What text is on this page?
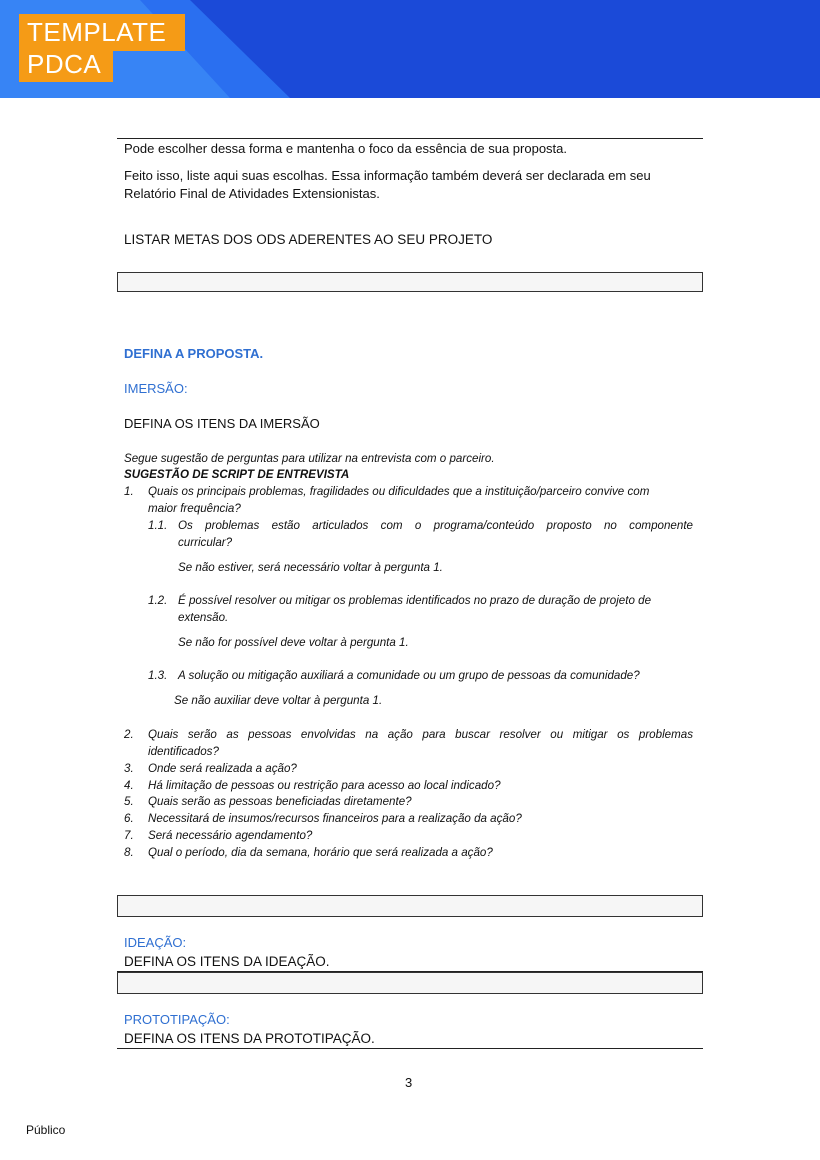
TEMPLATE
PDCA
Pode escolher dessa forma e mantenha o foco da essência de sua proposta.
Feito isso, liste aqui suas escolhas. Essa informação também deverá ser declarada em seu
Relatório Final de Atividades Extensionistas.
LISTAR METAS DOS ODS ADERENTES AO SEU PROJETO
DEFINA A PROPOSTA.
IMERSÃO:
DEFINA OS ITENS DA IMERSÃO
Segue sugestão de perguntas para utilizar na entrevista com o parceiro.
SUGESTÃO DE SCRIPT DE ENTREVISTA
1. Quais os principais problemas, fragilidades ou dificuldades que a instituição/parceiro convive com
maior frequência?
1.1. Os problemas estão articulados com o programa/conteúdo proposto no componente
curricular?
Se não estiver, será necessário voltar à pergunta 1.
1.2. É possível resolver ou mitigar os problemas identificados no prazo de duração de projeto de
extensão.
Se não for possível deve voltar à pergunta 1.
1.3. A solução ou mitigação auxiliará a comunidade ou um grupo de pessoas da comunidade?
Se não auxiliar deve voltar à pergunta 1.
2. Quais serão as pessoas envolvidas na ação para buscar resolver ou mitigar os problemas
identificados?
3. Onde será realizada a ação?
4. Há limitação de pessoas ou restrição para acesso ao local indicado?
5. Quais serão as pessoas beneficiadas diretamente?
6. Necessitará de insumos/recursos financeiros para a realização da ação?
7. Será necessário agendamento?
8. Qual o período, dia da semana, horário que será realizada a ação?
IDEAÇÃO:
DEFINA OS ITENS DA IDEAÇÃO.
PROTOTIPAÇÃO:
DEFINA OS ITENS DA PROTOTIPAÇÃO.
3
Público
